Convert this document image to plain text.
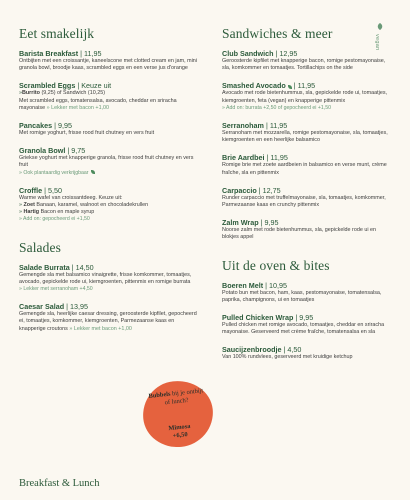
Eet smakelijk
Barista Breakfast | 11,95
Ontbijten met een croissantje, kaneelscone met clotted cream en jam, mini granola bowl, broodje kaas, scrambled eggs en een verse jus d'orange
Scrambled Eggs | Keuze uit
»Burrito (9,25) of Sandwich (10,25)
Met scrambled eggs, tomatensalsa, avocado, cheddar en sriracha mayonaise » Lekker met bacon +1,00
Pancakes | 9,95
Met romige yoghurt, frisse rood fruit chutney en vers fruit
Granola Bowl | 9,75
Griekse yoghurt met knapperige granola, frisse rood fruit chutney en vers fruit
» Ook plantaardig verkrijgbaar
Croffle | 5,50
Warme wafel van croissantdeeg. Keuze uit:
» Zoet Banaan, karamel, walnoot en chocoladekrullen
» Hartig Bacon en maple syrup
» Add on: gepocheerd ei +1,50
Salades
Salade Burrata | 14,50
Gemengde sla met balsamico vinaigrette, frisse komkommer, tomaatjes, avocado, gepickelde rode ui, kiemgroenten, pittenmix en romige burrata
» Lekker met serranoham +4,50
Caesar Salad | 13,95
Gemengde sla, heerlijke caesar dressing, geroosterde kipfilet, gepocheerd ei, tomaatjes, komkommer, kiemgroenten, Parmezaanse kaas en knapperige croutons » Lekker met bacon +1,00
Sandwiches & meer
Club Sandwich | 12,95
Geroosterde kipfilet met knapperige bacon, romige pestomayonaise, sla, komkommer en tomaatjes. Tortillachips on the side
Smashed Avocado | 11,95
Avocado met rode bietenhummus, sla, gepickelde rode ui, tomaatjes, kiemgroenten, feta (vegan) en knapperige pittenmix
» Add on: burrata +2,50 of gepocheerd ei +1,50
Serranoham | 11,95
Serranoham met mozzarella, romige pestomayonaise, sla, tomaatjes, kiemgroenten en een heerlijke balsamico
Brie Aardbei | 11,95
Romige brie met zoete aardbeien in balsamico en verse munt, crème fraîche, sla en pittenmix
Carpaccio | 12,75
Runder carpaccio met truffelmayonaise, sla, tomaatjes, komkommer, Parmezaanse kaas en crunchy pittenmix
Zalm Wrap | 9,95
Noorse zalm met rode bietenhummus, sla, gepickelde rode ui en blokjes appel
Uit de oven & bites
Boeren Melt | 10,95
Potato bun met bacon, ham, kaas, pestomayonaise, tomatensalsa, paprika, champignons, ui en tomaatjes
Pulled Chicken Wrap | 9,95
Pulled chicken met romige avocado, tomaatjes, cheddar en sriracha mayonaise. Geserveerd met crème fraîche, tomatensalsa en sla
Saucijzenbroodje | 4,50
Van 100% rundvlees, geserveerd met kruidige ketchup
Bubbels bij je ontbijt of lunch?
Mimosa
+6,50
vegan
Breakfast & Lunch
